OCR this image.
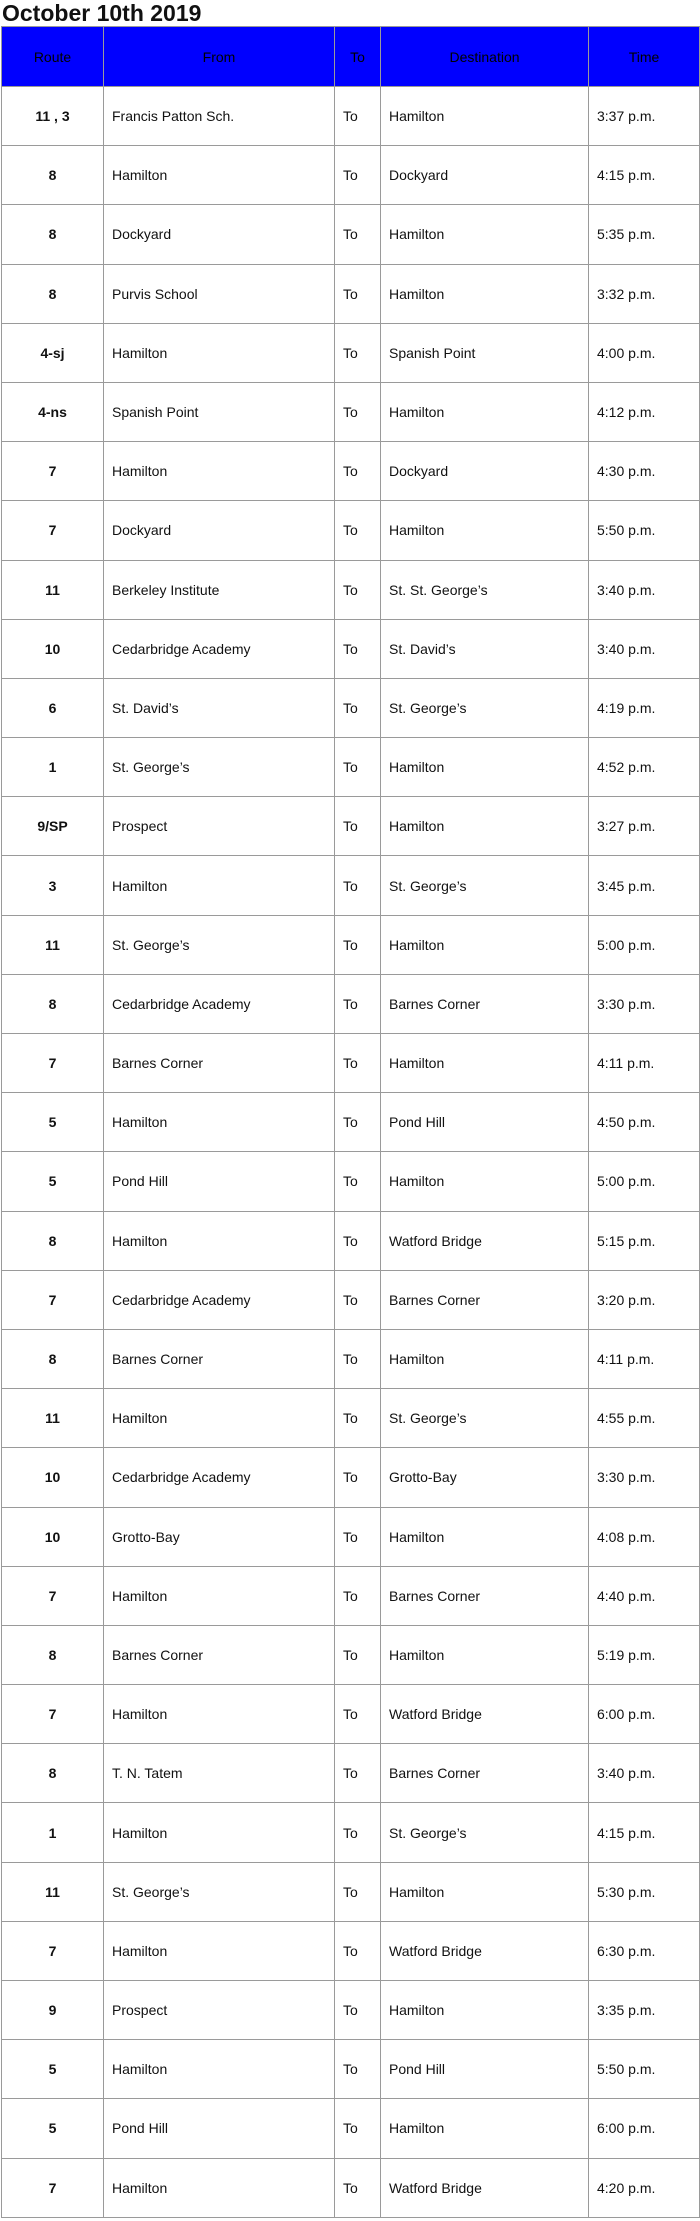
October 10th 2019
Route	From	To	Destination	Time
11 , 3	Francis Patton Sch.	To	Hamilton	3:37 p.m.
8	Hamilton	To	Dockyard	4:15 p.m.
8	Dockyard	To	Hamilton	5:35 p.m.
8	Purvis School	To	Hamilton	3:32 p.m.
4-sj	Hamilton	To	Spanish Point	4:00 p.m.
4-ns	Spanish Point	To	Hamilton	4:12 p.m.
7	Hamilton	To	Dockyard	4:30 p.m.
7	Dockyard	To	Hamilton	5:50 p.m.
11	Berkeley Institute	To	St. St. George’s	3:40 p.m.
10	Cedarbridge Academy	To	St. David’s	3:40 p.m.
6	St. David’s	To	St. George’s	4:19 p.m.
1	St. George’s	To	Hamilton	4:52 p.m.
9/SP	Prospect	To	Hamilton	3:27 p.m.
3	Hamilton	To	St. George’s	3:45 p.m.
11	St. George’s	To	Hamilton	5:00 p.m.
8	Cedarbridge Academy	To	Barnes Corner	3:30 p.m.
7	Barnes Corner	To	Hamilton	4:11 p.m.
5	Hamilton	To	Pond Hill	4:50 p.m.
5	Pond Hill	To	Hamilton	5:00 p.m.
8	Hamilton	To	Watford Bridge	5:15 p.m.
7	Cedarbridge Academy	To	Barnes Corner	3:20 p.m.
8	Barnes Corner	To	Hamilton	4:11 p.m.
11	Hamilton	To	St. George’s	4:55 p.m.
10	Cedarbridge Academy	To	Grotto-Bay	3:30 p.m.
10	Grotto-Bay	To	Hamilton	4:08 p.m.
7	Hamilton	To	Barnes Corner	4:40 p.m.
8	Barnes Corner	To	Hamilton	5:19 p.m.
7	Hamilton	To	Watford Bridge	6:00 p.m.
8	T. N. Tatem	To	Barnes Corner	3:40 p.m.
1	Hamilton	To	St. George’s	4:15 p.m.
11	St. George’s	To	Hamilton	5:30 p.m.
7	Hamilton	To	Watford Bridge	6:30 p.m.
9	Prospect	To	Hamilton	3:35 p.m.
5	Hamilton	To	Pond Hill	5:50 p.m.
5	Pond Hill	To	Hamilton	6:00 p.m.
7	Hamilton	To	Watford Bridge	4:20 p.m.
